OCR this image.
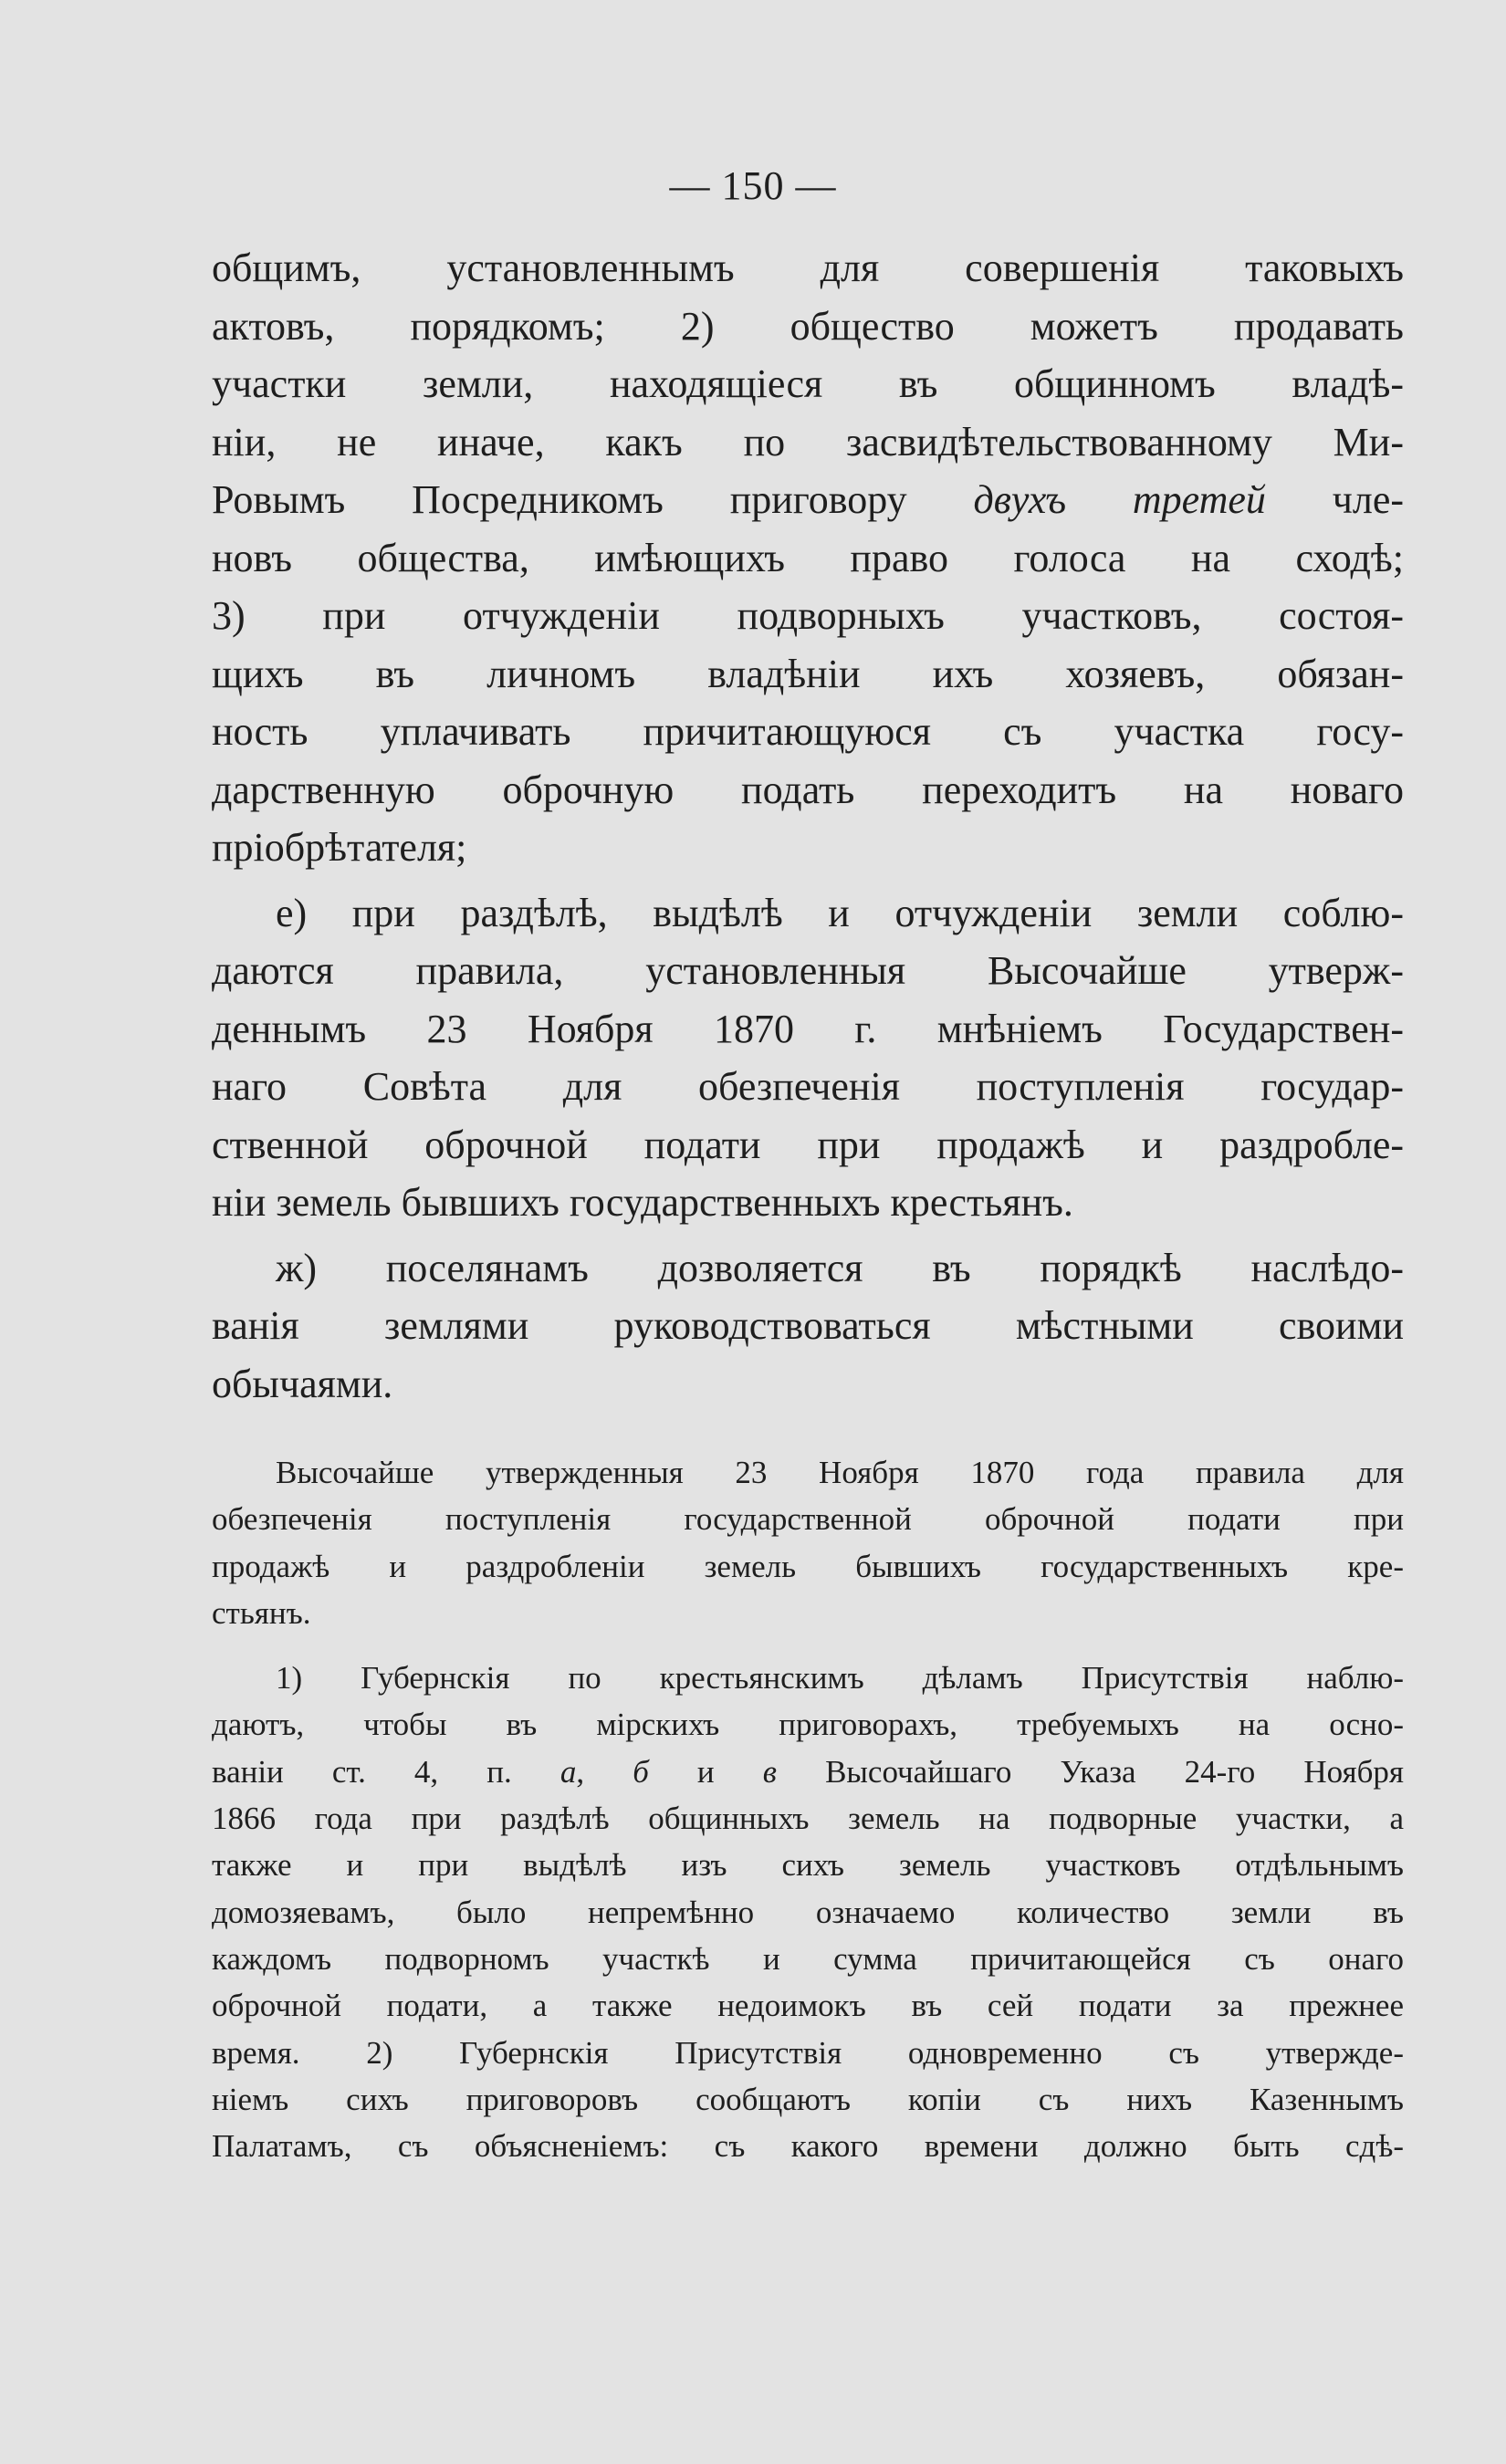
— 150 —
общимъ, установленнымъ для совершенія таковыхъ
актовъ, порядкомъ; 2) общество можетъ продавать
участки земли, находящіеся въ общинномъ владѣ-
ніи, не иначе, какъ по засвидѣтельствованному Ми-
Ровымъ Посредникомъ приговору двухъ третей чле-
новъ общества, имѣющихъ право голоса на сходѣ;
3) при отчужденіи подворныхъ участковъ, состоя-
щихъ въ личномъ владѣніи ихъ хозяевъ, обязан-
ность уплачивать причитающуюся съ участка госу-
дарственную оброчную подать переходитъ на новаго
пріобрѣтателя;
е) при раздѣлѣ, выдѣлѣ и отчужденіи земли соблю-
даются правила, установленныя Высочайше утверж-
деннымъ 23 Ноября 1870 г. мнѣніемъ Государствен-
наго Совѣта для обезпеченія поступленія государ-
ственной оброчной подати при продажѣ и раздробле-
ніи земель бывшихъ государственныхъ крестьянъ.
ж) поселянамъ дозволяется въ порядкѣ наслѣдо-
ванія землями руководствоваться мѣстными своими
обычаями.
Высочайше утвержденныя 23 Ноября 1870 года правила для
обезпеченія поступленія государственной оброчной подати при
продажѣ и раздробленіи земель бывшихъ государственныхъ кре-
стьянъ.
1) Губернскія по крестьянскимъ дѣламъ Присутствія наблю-
даютъ, чтобы въ мірскихъ приговорахъ, требуемыхъ на осно-
ваніи ст. 4, п. а, б и в Высочайшаго Указа 24-го Ноября
1866 года при раздѣлѣ общинныхъ земель на подворные участки, а
также и при выдѣлѣ изъ сихъ земель участковъ отдѣльнымъ
домозяевамъ, было непремѣнно означаемо количество земли въ
каждомъ подворномъ участкѣ и сумма причитающейся съ онаго
оброчной подати, а также недоимокъ въ сей подати за прежнее
время. 2) Губернскія Присутствія одновременно съ утвержде-
ніемъ сихъ приговоровъ сообщаютъ копіи съ нихъ Казеннымъ
Палатамъ, съ объясненіемъ: съ какого времени должно быть сдѣ-
